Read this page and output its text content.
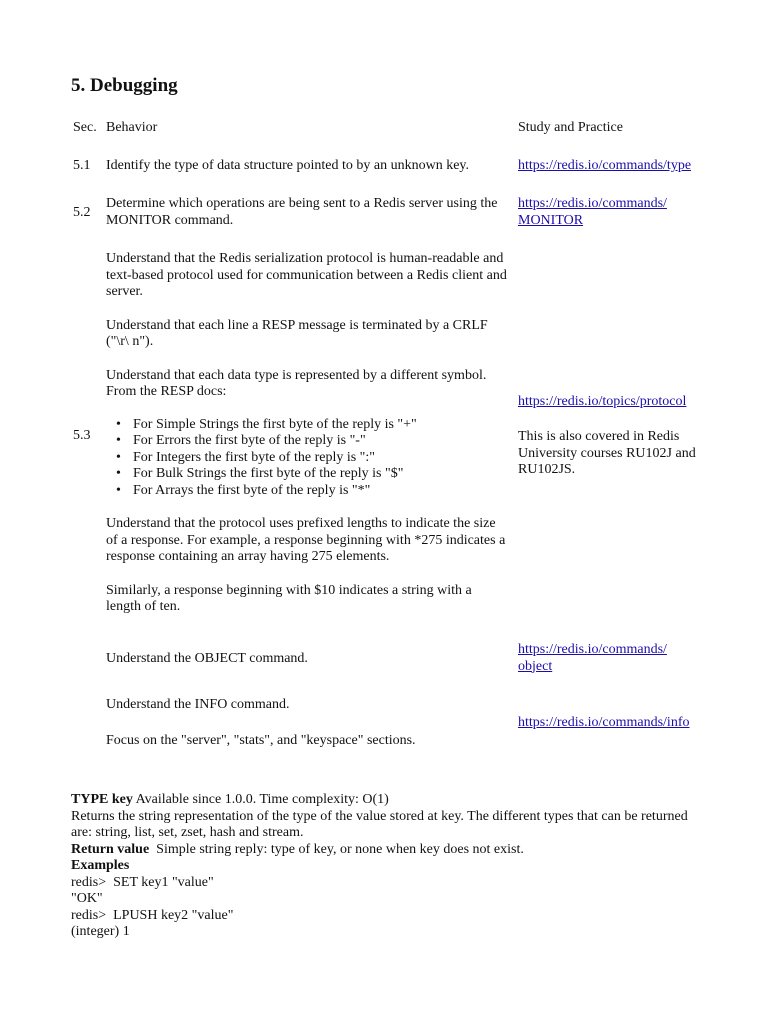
5. Debugging
Sec. Behavior	Study and Practice
5.1 Identify the type of data structure pointed to by an unknown key.	https://redis.io/commands/type
5.2
Determine which operations are being sent to a Redis server using the MONITOR command.
https://redis.io/commands/
MONITOR
5.3

Understand that the Redis serialization protocol is human-readable and text-based protocol used for communication between a Redis client and server.

Understand that each line a RESP message is terminated by a CRLF ("\r\ n").

Understand that each data type is represented by a different symbol. From the RESP docs:

• For Simple Strings the first byte of the reply is "+"
• For Errors the first byte of the reply is "-"
• For Integers the first byte of the reply is ":"
• For Bulk Strings the first byte of the reply is "$"
• For Arrays the first byte of the reply is "*"

Understand that the protocol uses prefixed lengths to indicate the size of a response. For example, a response beginning with *275 indicates a response containing an array having 275 elements.

Similarly, a response beginning with $10 indicates a string with a length of ten.

https://redis.io/topics/protocol
This is also covered in Redis University courses RU102J and RU102JS.
Understand the OBJECT command.
https://redis.io/commands/
object
Understand the INFO command.
Focus on the "server", "stats", and "keyspace" sections.
https://redis.io/commands/info
TYPE key Available since 1.0.0. Time complexity: O(1)
Returns the string representation of the type of the value stored at key. The different types that can be returned are: string, list, set, zset, hash and stream.
Return value  Simple string reply: type of key, or none when key does not exist.
Examples
redis>  SET key1 "value"
"OK"
redis>  LPUSH key2 "value"
(integer) 1
